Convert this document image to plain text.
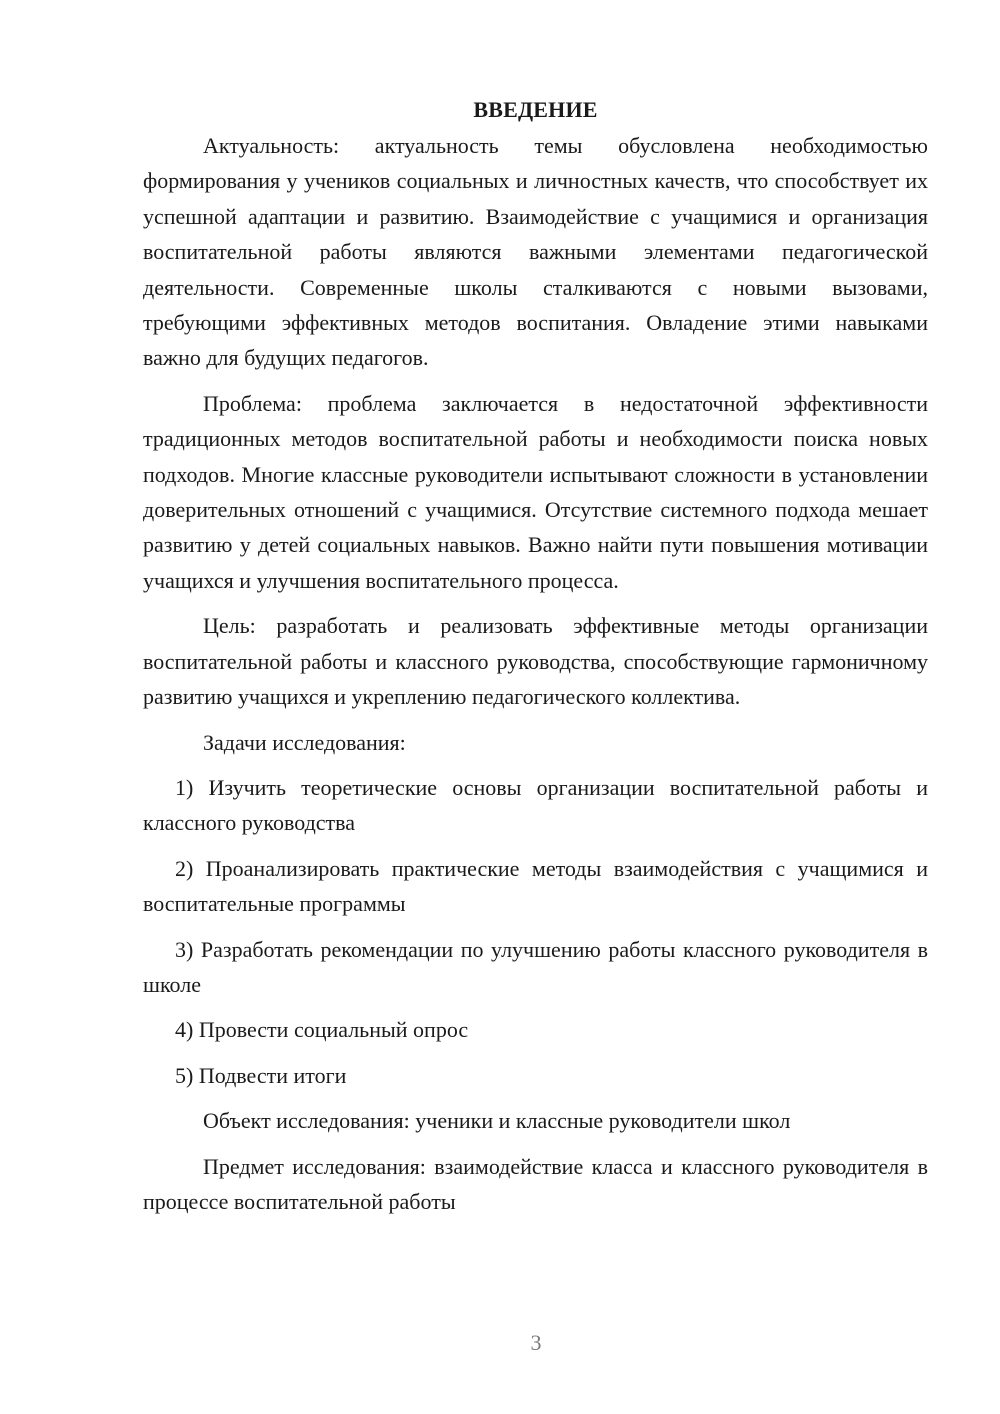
ВВЕДЕНИЕ

Актуальность: актуальность темы обусловлена необходимостью формирования у учеников социальных и личностных качеств, что способствует их успешной адаптации и развитию. Взаимодействие с учащимися и организация воспитательной работы являются важными элементами педагогической деятельности. Современные школы сталкиваются с новыми вызовами, требующими эффективных методов воспитания. Овладение этими навыками важно для будущих педагогов.

Проблема: проблема заключается в недостаточной эффективности традиционных методов воспитательной работы и необходимости поиска новых подходов. Многие классные руководители испытывают сложности в установлении доверительных отношений с учащимися. Отсутствие системного подхода мешает развитию у детей социальных навыков. Важно найти пути повышения мотивации учащихся и улучшения воспитательного процесса.

Цель: разработать и реализовать эффективные методы организации воспитательной работы и классного руководства, способствующие гармоничному развитию учащихся и укреплению педагогического коллектива.

Задачи исследования:

1) Изучить теоретические основы организации воспитательной работы и классного руководства

2) Проанализировать практические методы взаимодействия с учащимися и воспитательные программы

3) Разработать рекомендации по улучшению работы классного руководителя в школе

4) Провести социальный опрос

5) Подвести итоги

Объект исследования: ученики и классные руководители школ

Предмет исследования: взаимодействие класса и классного руководителя в процессе воспитательной работы

3
